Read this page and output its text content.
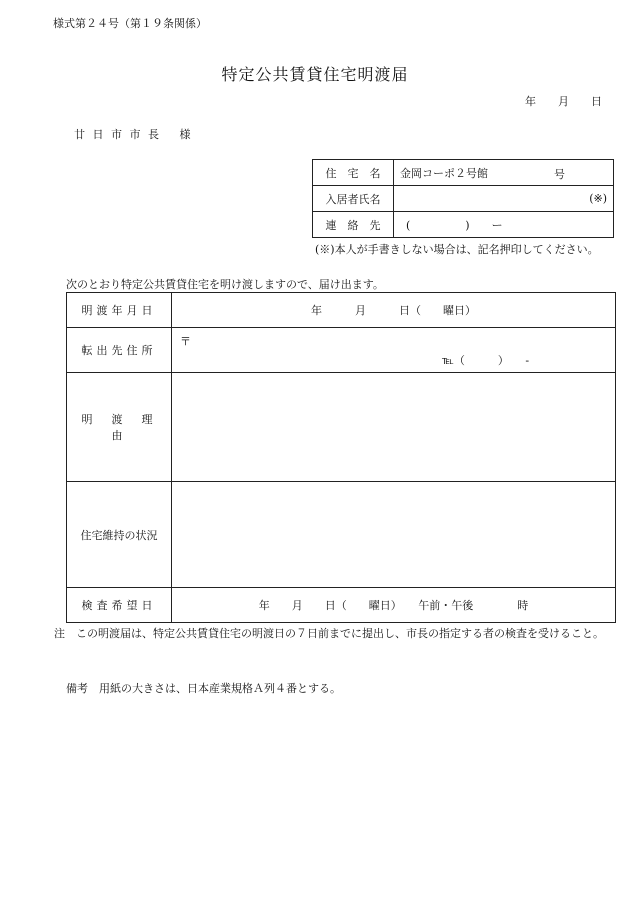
様式第２４号（第１９条関係）
特定公共賃貸住宅明渡届
年　　月　　日
廿 日 市 市 長　 様
住　宅　名	金岡コーポ２号館 号

入居者氏名	(※)

連　絡　先	(　　　　　)　　ー
(※)本人が手書きしない場合は、記名押印してください。
次のとおり特定公共賃貸住宅を明け渡しますので、届け出ます。
明渡年月日	年　　　月　　　日（　　曜日）
転出先住所	〒
℡（　　　）　　-

明　渡　理　由	
住宅維持の状況	
検査希望日	年　　月　　日（　　曜日）　　午前・午後　　　　時
注　この明渡届は、特定公共賃貸住宅の明渡日の７日前までに提出し、市長の指定する者の検査を受けること。
備考　用紙の大きさは、日本産業規格Ａ列４番とする。
